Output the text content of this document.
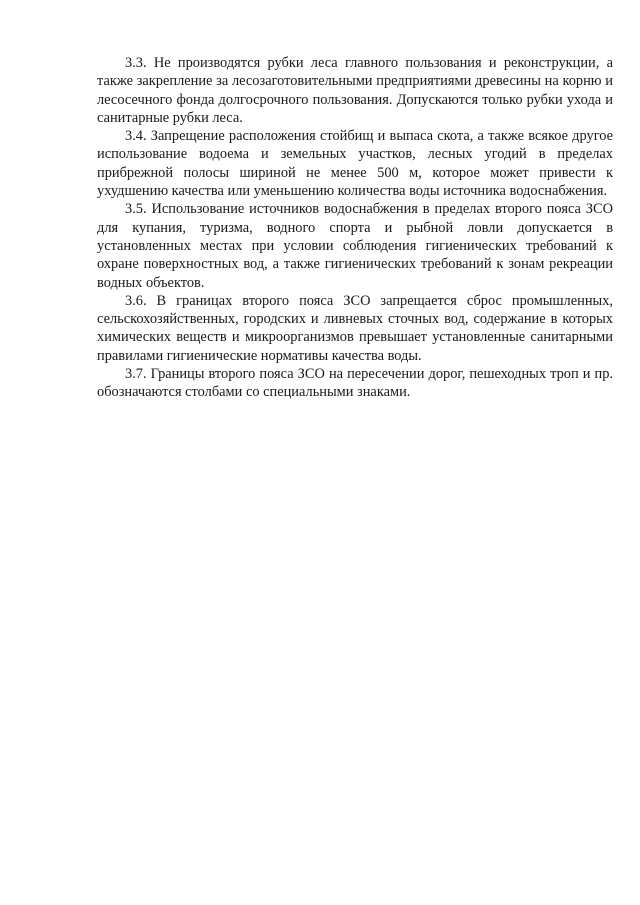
3.3. Не производятся рубки леса главного пользования и реконструкции, а также закрепление за лесозаготовительными предприятиями древесины на корню и лесосечного фонда долгосрочного пользования. Допускаются только рубки ухода и санитарные рубки леса.

3.4. Запрещение расположения стойбищ и выпаса скота, а также всякое другое использование водоема и земельных участков, лесных угодий в пределах прибрежной полосы шириной не менее 500 м, которое может привести к ухудшению качества или уменьшению количества воды источника водоснабжения.

3.5. Использование источников водоснабжения в пределах второго пояса ЗСО для купания, туризма, водного спорта и рыбной ловли допускается в установленных местах при условии соблюдения гигиенических требований к охране поверхностных вод, а также гигиенических требований к зонам рекреации водных объектов.

3.6. В границах второго пояса ЗСО запрещается сброс промышленных, сельскохозяйственных, городских и ливневых сточных вод, содержание в которых химических веществ и микроорганизмов превышает установленные санитарными правилами гигиенические нормативы качества воды.

3.7. Границы второго пояса ЗСО на пересечении дорог, пешеходных троп и пр. обозначаются столбами со специальными знаками.
